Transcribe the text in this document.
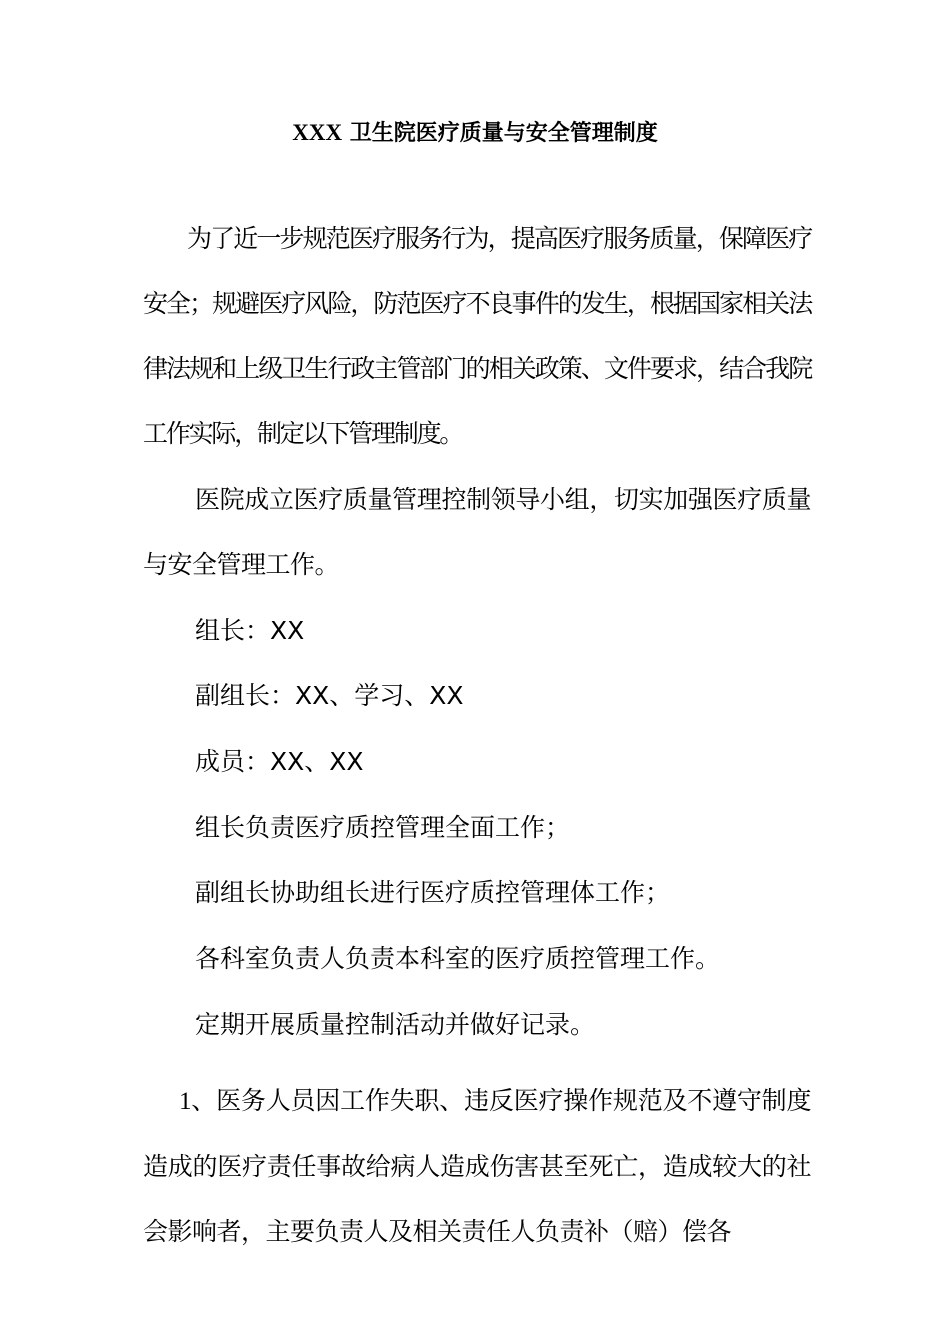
XXX 卫生院医疗质量与安全管理制度

为了近一步规范医疗服务行为，提高医疗服务质量，保障医疗安全；规避医疗风险，防范医疗不良事件的发生，根据国家相关法律法规和上级卫生行政主管部门的相关政策、文件要求，结合我院工作实际，制定以下管理制度。

医院成立医疗质量管理控制领导小组，切实加强医疗质量与安全管理工作。

组长：XX

副组长：XX、学习、XX

成员：XX、XX

组长负责医疗质控管理全面工作；

副组长协助组长进行医疗质控管理体工作；

各科室负责人负责本科室的医疗质控管理工作。

定期开展质量控制活动并做好记录。

1、医务人员因工作失职、违反医疗操作规范及不遵守制度造成的医疗责任事故给病人造成伤害甚至死亡，造成较大的社会影响者，主要负责人及相关责任人负责补（赔）偿各
